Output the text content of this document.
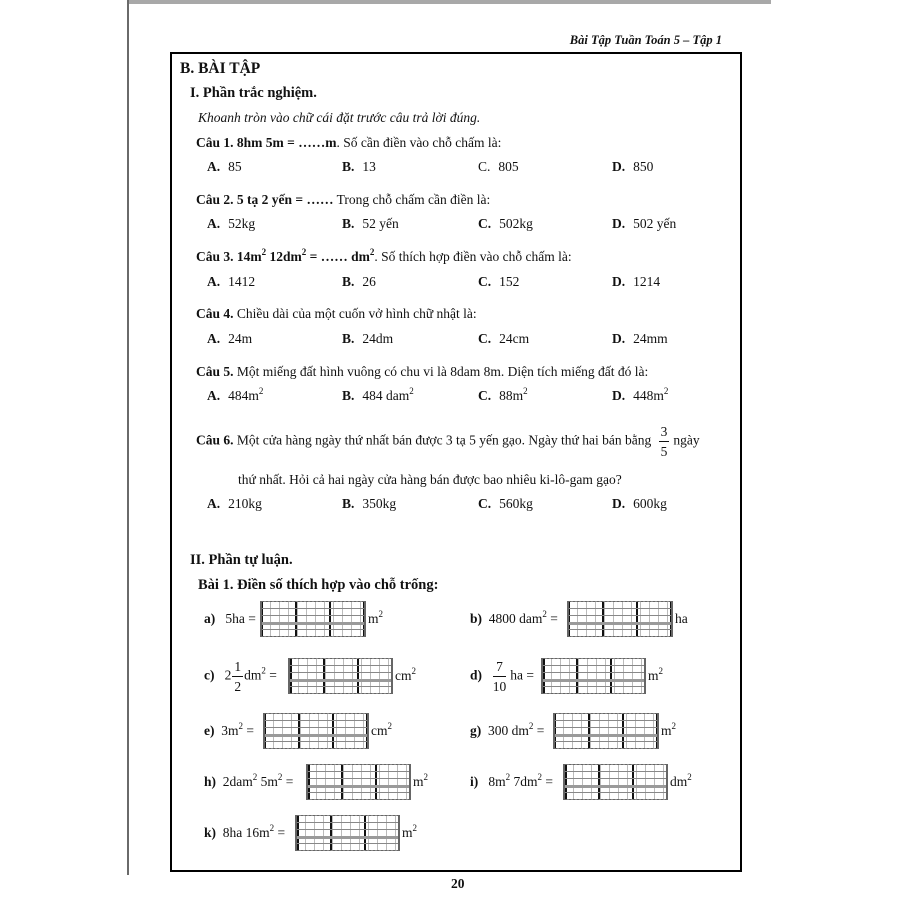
Bài Tập Tuần Toán 5 – Tập 1
B. BÀI TẬP
I. Phần trắc nghiệm.
Khoanh tròn vào chữ cái đặt trước câu trả lời đúng.
Câu 1. 8hm 5m = ……m. Số cần điền vào chỗ chấm là:
A. 85	B. 13	C. 805	D. 850
Câu 2. 5 tạ 2 yến = …… Trong chỗ chấm cần điền là:
A. 52kg	B. 52 yến	C. 502kg	D. 502 yến
Câu 3. $14m^2$ $12dm^2$ = …… $dm^2$. Số thích hợp điền vào chỗ chấm là:
A. 1412	B. 26	C. 152	D. 1214
Câu 4. Chiều dài của một cuốn vở hình chữ nhật là:
A. 24m	B. 24dm	C. 24cm	D. 24mm
Câu 5. Một miếng đất hình vuông có chu vi là 8dam 8m. Diện tích miếng đất đó là:
A. $484m^2$	B. 484 dam$^2$	C. $88m^2$	D. $448m^2$
Câu 6. Một cửa hàng ngày thứ nhất bán được 3 tạ 5 yến gạo. Ngày thứ hai bán bằng $\frac{3}{5}$ ngày
thứ nhất. Hỏi cả hai ngày cửa hàng bán được bao nhiêu ki-lô-gam gạo?
A. 210kg	B. 350kg	C. 560kg	D. 600kg
II. Phần tự luận.
Bài 1. Điền số thích hợp vào chỗ trống:
a) 5ha =	$m^2$	b) 4800 dam$^2$ =	ha
c) $2 \frac{1}{2} dm^2$ =	$cm^2$	$d) \frac{7}{10}$ ha =	$m^2$
e) $3m^2$ =	$cm^2$	g) 300 $dm^2$ =	$m^2$
h) 2dam$^2$ $5m^2$ =	$m^2$	i) $8m^2$ $7dm^2$ =	$dm^2$
k) 8ha $16m^2$ =	$m^2$
20
